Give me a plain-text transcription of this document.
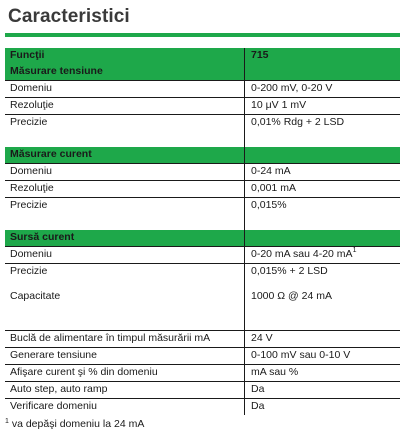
Caracteristici
Funcţii	715
Măsurare tensiune
Domeniu	0-200 mV, 0-20 V
Rezoluţie	10 μV 1 mV
Precizie	0,01% Rdg + 2 LSD
Măsurare curent
Domeniu	0-24 mA
Rezoluţie	0,001 mA
Precizie	0,015%
Sursă curent
Domeniu	0-20 mA sau 4-20 $mA^1$
Precizie	0,015% + 2 LSD
Capacitate	1000 Ω @ 24 mA
Buclă de alimentare în timpul măsurării mA	24 V
Generare tensiune	0-100 mV sau 0-10 V
Afişare curent şi % din domeniu	mA sau %
Auto step, auto ramp	Da
Verificare domeniu	Da
$^1$ va depăşi domeniu la 24 mA
